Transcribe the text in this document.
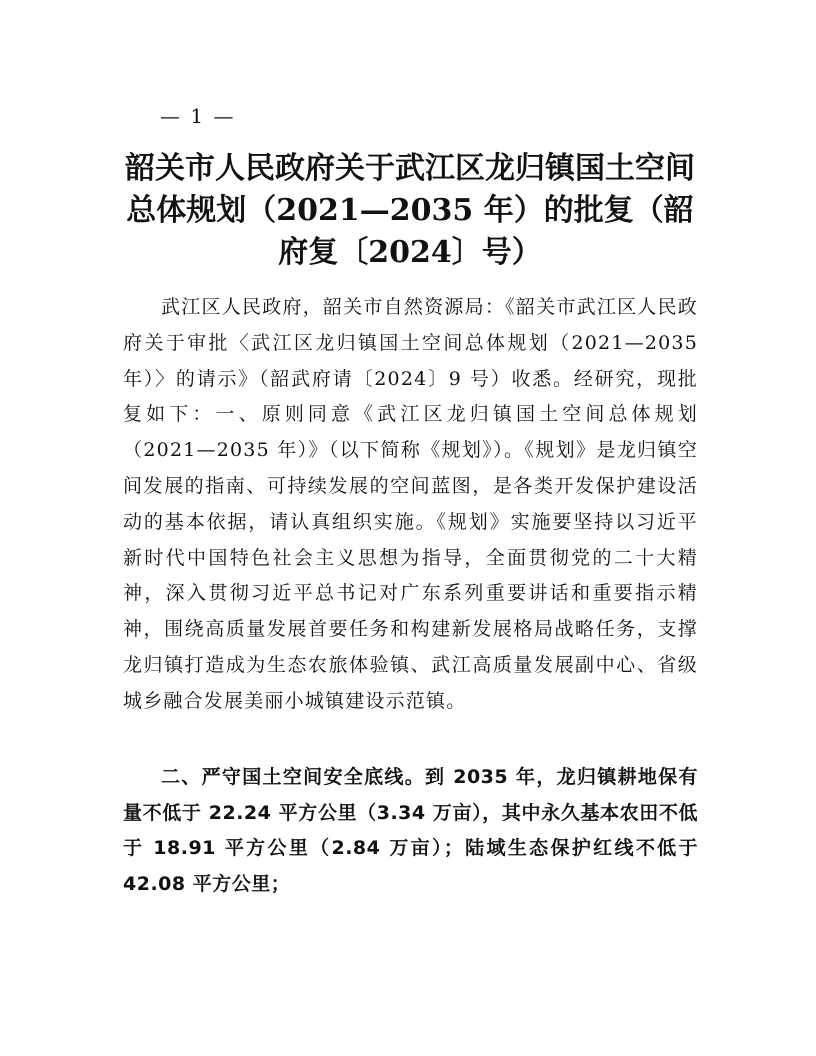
— 1 —
韶关市人民政府关于武江区龙归镇国土空间总体规划（2021—2035 年）的批复（韶府复〔2024〕号）

武江区人民政府，韶关市自然资源局：《韶关市武江区人民政府关于审批〈武江区龙归镇国土空间总体规划（2021—2035 年）〉的请示》（韶武府请〔2024〕9 号）收悉。经研究，现批复如下：一、原则同意《武江区龙归镇国土空间总体规划（2021—2035 年）》（以下简称《规划》）。《规划》是龙归镇空间发展的指南、可持续发展的空间蓝图，是各类开发保护建设活动的基本依据，请认真组织实施。《规划》实施要坚持以习近平新时代中国特色社会主义思想为指导，全面贯彻党的二十大精神，深入贯彻习近平总书记对广东系列重要讲话和重要指示精神，围绕高质量发展首要任务和构建新发展格局战略任务，支撑龙归镇打造成为生态农旅体验镇、武江高质量发展副中心、省级城乡融合发展美丽小城镇建设示范镇。

二、严守国土空间安全底线。到 2035 年，龙归镇耕地保有量不低于 22.24 平方公里（3.34 万亩），其中永久基本农田不低于 18.91 平方公里（2.84 万亩）；陆域生态保护红线不低于 42.08 平方公里；
